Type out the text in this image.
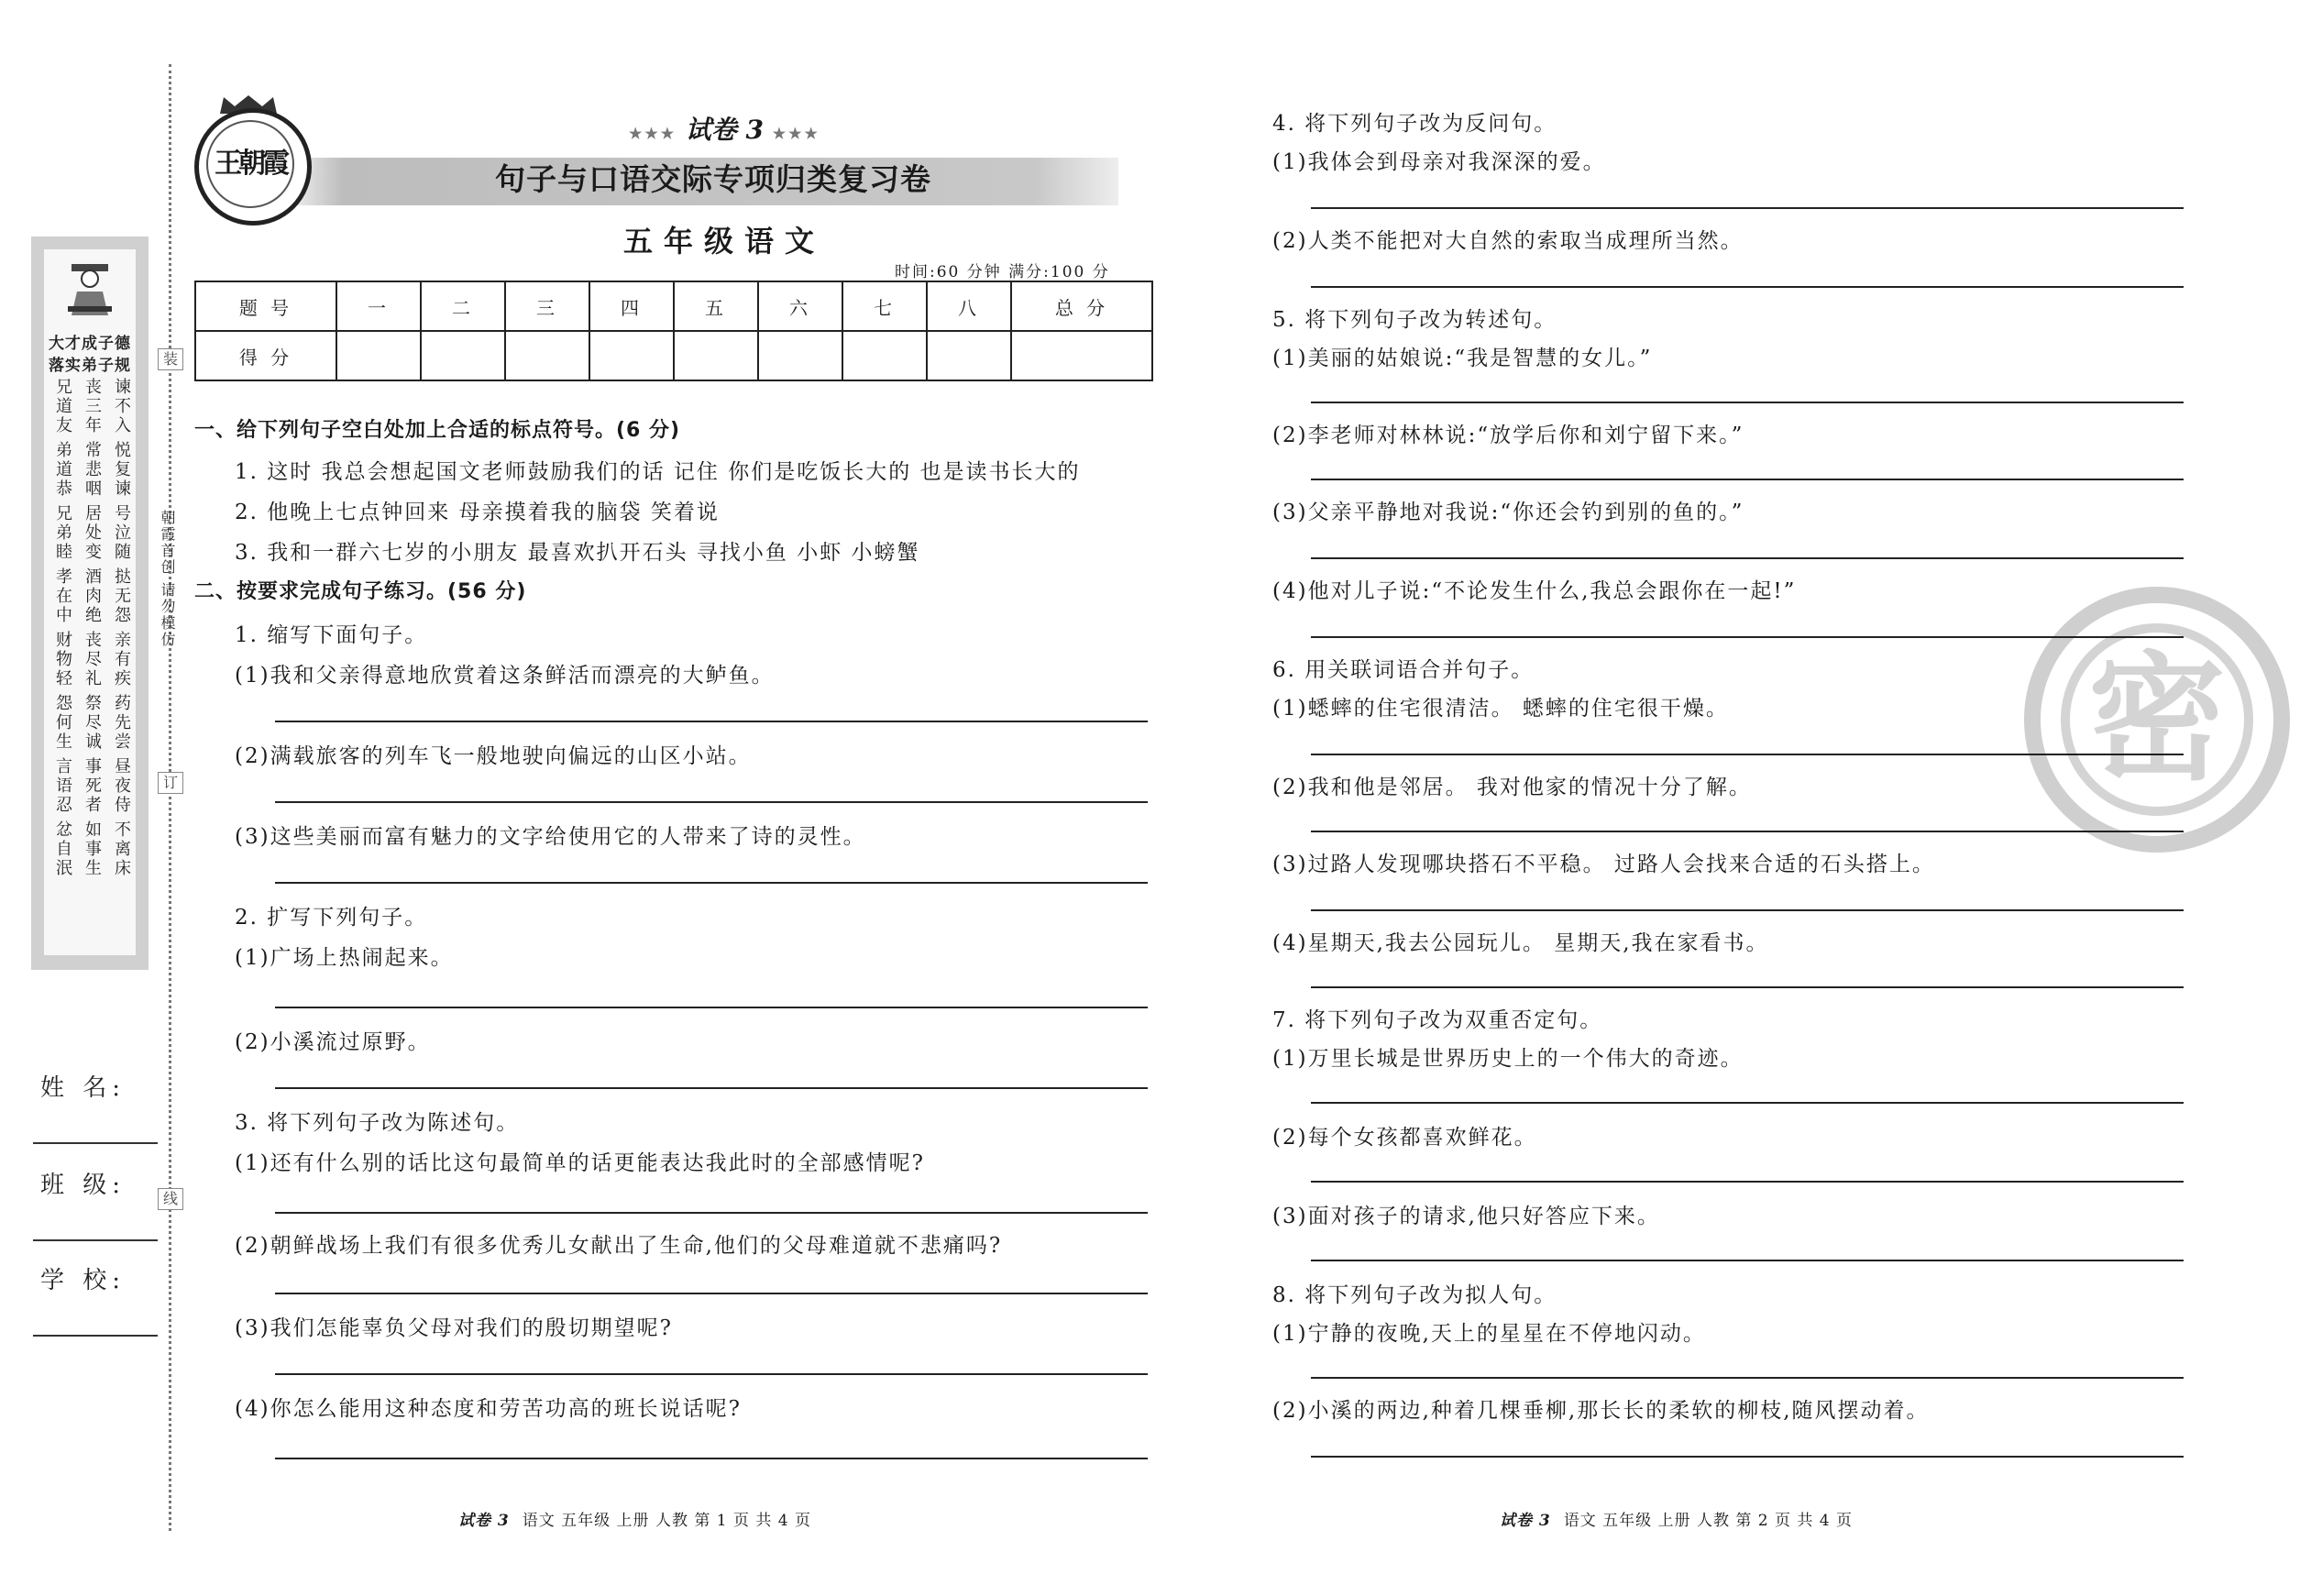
装
订
线
朝霞首创 请勿模仿
大才成子德
落实弟子规
兄道友 丧三年 谏不入
弟道恭 常悲咽 悦复谏
兄弟睦 居处变 号泣随
孝在中 酒肉绝 挞无怨
财物轻 丧尽礼 亲有疾
怨何生 祭尽诚 药先尝
言语忍 事死者 昼夜侍
忿自泯 如事生 不离床
姓 名:
班 级:
学 校:
王朝霞
★★★ 试卷 3 ★★★
句子与口语交际专项归类复习卷
五年级语文
时间:60 分钟 满分:100 分
题 号	一	二	三	四	五	六	七	八	总 分
得 分									
一、给下列句子空白处加上合适的标点符号。(6 分)
1. 这时 我总会想起国文老师鼓励我们的话 记住 你们是吃饭长大的 也是读书长大的
2. 他晚上七点钟回来 母亲摸着我的脑袋 笑着说
3. 我和一群六七岁的小朋友 最喜欢扒开石头 寻找小鱼 小虾 小螃蟹
二、按要求完成句子练习。(56 分)
1. 缩写下面句子。
(1)我和父亲得意地欣赏着这条鲜活而漂亮的大鲈鱼。
(2)满载旅客的列车飞一般地驶向偏远的山区小站。
(3)这些美丽而富有魅力的文字给使用它的人带来了诗的灵性。
2. 扩写下列句子。
(1)广场上热闹起来。
(2)小溪流过原野。
3. 将下列句子改为陈述句。
(1)还有什么别的话比这句最简单的话更能表达我此时的全部感情呢?
(2)朝鲜战场上我们有很多优秀儿女献出了生命,他们的父母难道就不悲痛吗?
(3)我们怎能辜负父母对我们的殷切期望呢?
(4)你怎么能用这种态度和劳苦功高的班长说话呢?
试卷 3 语文 五年级 上册 人教 第 1 页 共 4 页
密
4. 将下列句子改为反问句。
(1)我体会到母亲对我深深的爱。
(2)人类不能把对大自然的索取当成理所当然。
5. 将下列句子改为转述句。
(1)美丽的姑娘说:“我是智慧的女儿。”
(2)李老师对林林说:“放学后你和刘宁留下来。”
(3)父亲平静地对我说:“你还会钓到别的鱼的。”
(4)他对儿子说:“不论发生什么,我总会跟你在一起!”
6. 用关联词语合并句子。
(1)蟋蟀的住宅很清洁。 蟋蟀的住宅很干燥。
(2)我和他是邻居。 我对他家的情况十分了解。
(3)过路人发现哪块搭石不平稳。 过路人会找来合适的石头搭上。
(4)星期天,我去公园玩儿。 星期天,我在家看书。
7. 将下列句子改为双重否定句。
(1)万里长城是世界历史上的一个伟大的奇迹。
(2)每个女孩都喜欢鲜花。
(3)面对孩子的请求,他只好答应下来。
8. 将下列句子改为拟人句。
(1)宁静的夜晚,天上的星星在不停地闪动。
(2)小溪的两边,种着几棵垂柳,那长长的柔软的柳枝,随风摆动着。
试卷 3 语文 五年级 上册 人教 第 2 页 共 4 页
